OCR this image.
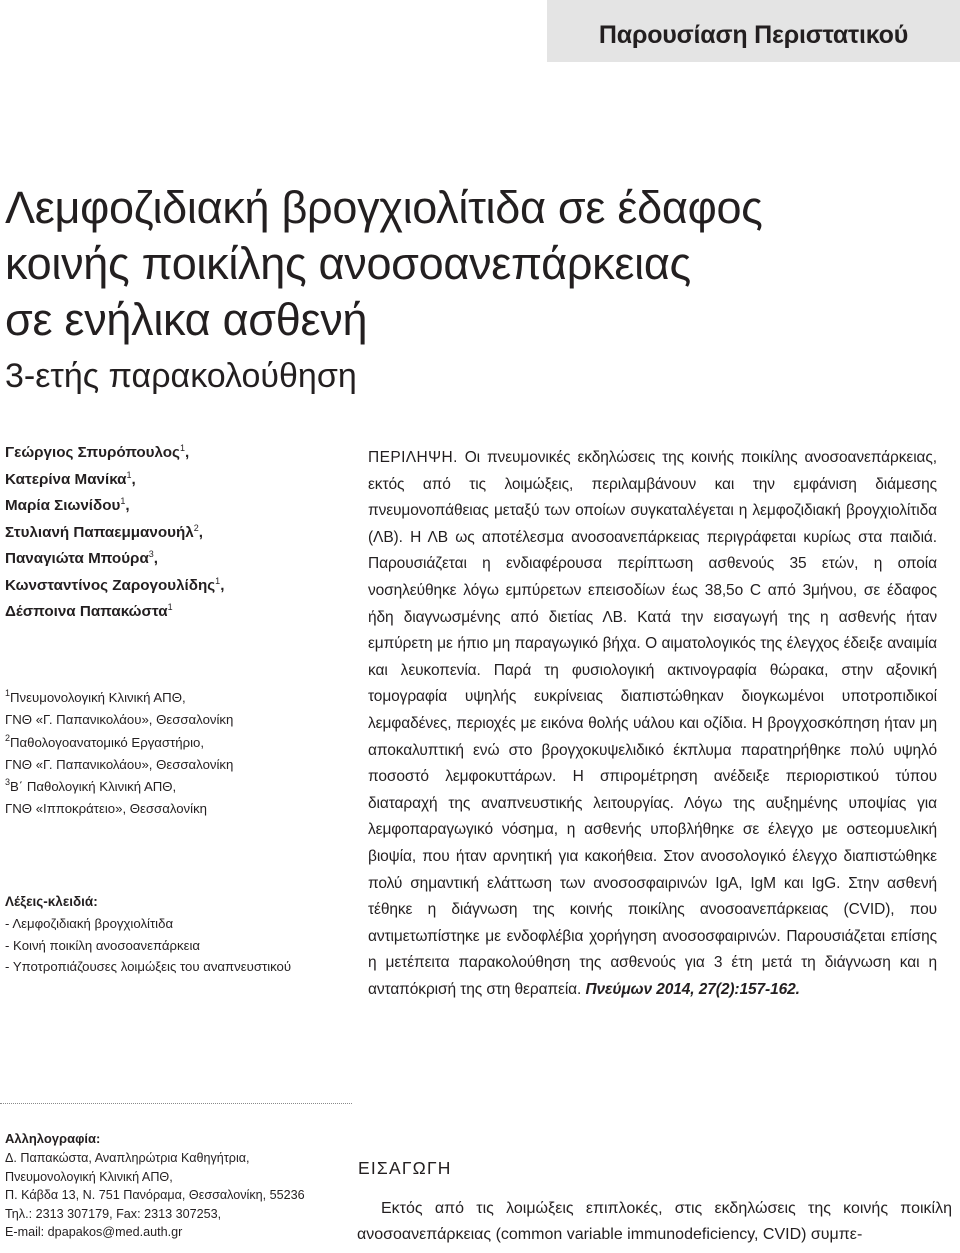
Παρουσίαση Περιστατικού
Λεμφοζιδιακή βρογχιολίτιδα σε έδαφος
κοινής ποικίλης ανοσοανεπάρκειας
σε ενήλικα ασθενή
3-ετής παρακολούθηση
Γεώργιος Σπυρόπουλος$^1$,
Κατερίνα Μανίκα$^1$,
Μαρία Σιωνίδου$^1$,
Στυλιανή Παπαεμμανουήλ$^2$,
Παναγιώτα Μπούρα$^3$,
Κωνσταντίνος Ζαρογουλίδης$^1$,
Δέσποινα Παπακώστα$^1$
$^1$Πνευμονολογική Κλινική ΑΠΘ,
ΓΝΘ «Γ. Παπανικολάου», Θεσσαλονίκη
$^2$Παθολογοανατομικό Εργαστήριο,
ΓΝΘ «Γ. Παπανικολάου», Θεσσαλονίκη
$^3$Β΄ Παθολογική Κλινική ΑΠΘ,
ΓΝΘ «Ιπποκράτειο», Θεσσαλονίκη
Λέξεις-κλειδιά:
- Λεμφοζιδιακή βρογχιολίτιδα
- Κοινή ποικίλη ανοσοανεπάρκεια
- Υποτροπιάζουσες λοιμώξεις του αναπνευστικού

ΠΕΡΙΛΗΨΗ. Οι πνευμονικές εκδηλώσεις της κοινής ποικίλης ανοσοανεπάρκειας, εκτός από τις λοιμώξεις, περιλαμβάνουν και την εμφάνιση διάμεσης πνευμονοπάθειας μεταξύ των οποίων συγκαταλέγεται η λεμφοζιδιακή βρογχιολίτιδα (ΛΒ). Η ΛΒ ως αποτέλεσμα ανοσοανεπάρκειας περιγράφεται κυρίως στα παιδιά. Παρουσιάζεται η ενδιαφέρουσα περίπτωση ασθενούς 35 ετών, η οποία νοσηλεύθηκε λόγω εμπύρετων επεισοδίων έως 38,5ο C από 3μήνου, σε έδαφος ήδη διαγνωσμένης από διετίας ΛΒ. Κατά την εισαγωγή της η ασθενής ήταν εμπύρετη με ήπιο μη παραγωγικό βήχα. Ο αιματολογικός της έλεγχος έδειξε αναιμία και λευκοπενία. Παρά τη φυσιολογική ακτινογραφία θώρακα, στην αξονική τομογραφία υψηλής ευκρίνειας διαπιστώθηκαν διογκωμένοι υποτροπιδικοί λεμφαδένες, περιοχές με εικόνα θολής υάλου και οζίδια. Η βρογχοσκόπηση ήταν μη αποκαλυπτική ενώ στο βρογχοκυψελιδικό έκπλυμα παρατηρήθηκε πολύ υψηλό ποσοστό λεμφοκυττάρων. Η σπιρομέτρηση ανέδειξε περιοριστικού τύπου διαταραχή της αναπνευστικής λειτουργίας. Λόγω της αυξημένης υποψίας για λεμφοπαραγωγικό νόσημα, η ασθενής υποβλήθηκε σε έλεγχο με οστεομυελική βιοψία, που ήταν αρνητική για κακοήθεια. Στον ανοσολογικό έλεγχο διαπιστώθηκε πολύ σημαντική ελάττωση των ανοσοσφαιρινών IgA, IgM και IgG. Στην ασθενή τέθηκε η διάγνωση της κοινής ποικίλης ανοσοανεπάρκειας (CVID), που αντιμετωπίστηκε με ενδοφλέβια χορήγηση ανοσοσφαιρινών. Παρουσιάζεται επίσης η μετέπειτα παρακολούθηση της ασθενούς για 3 έτη μετά τη διάγνωση και η ανταπόκρισή της στη θεραπεία. Πνεύμων 2014, 27(2):157-162.

Αλληλογραφία:
Δ. Παπακώστα, Αναπληρώτρια Καθηγήτρια,
Πνευμονολογική Κλινική ΑΠΘ,
Π. Κάβδα 13, Ν. 751 Πανόραμα, Θεσσαλονίκη, 55236
Τηλ.: 2313 307179, Fax: 2313 307253,
E-mail: dpapakos@med.auth.gr
ΕΙΣΑΓΩΓΗ

Εκτός από τις λοιμώξεις επιπλοκές, στις εκδηλώσεις της κοινής ποικίλη ανοσοανεπάρκειας (common variable immunodeficiency, CVID) συμπε-
